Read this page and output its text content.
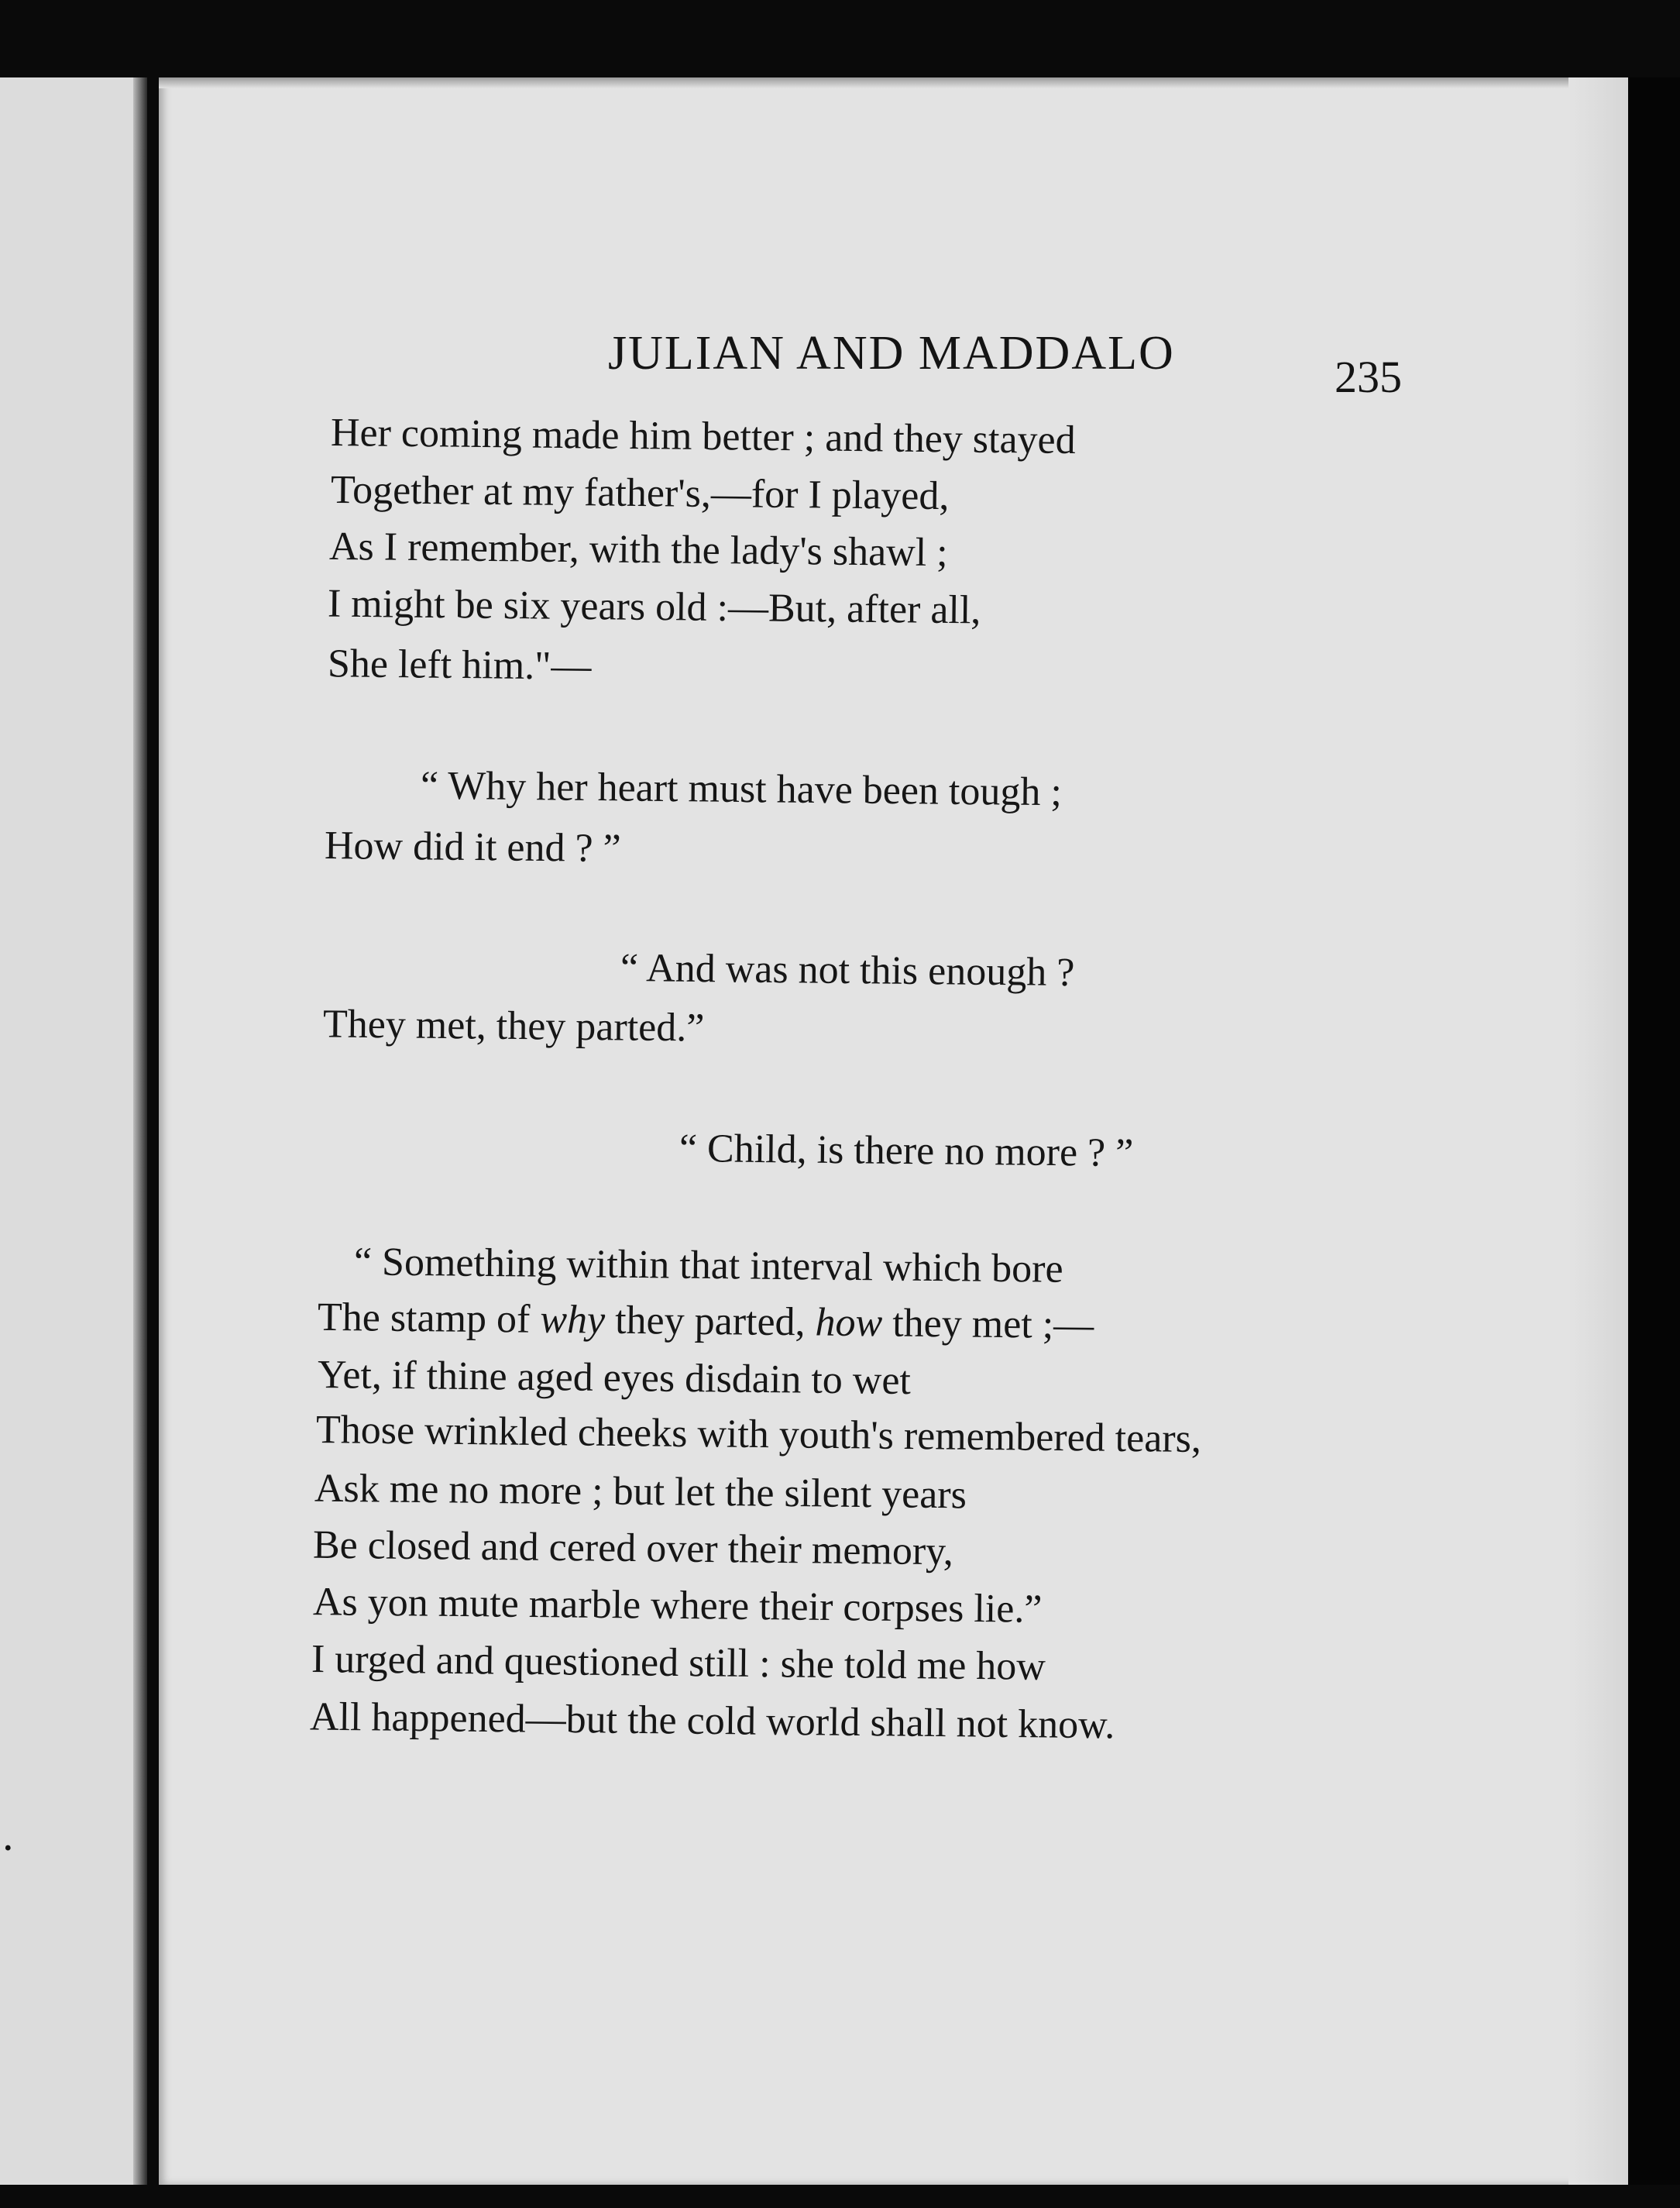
.
JULIAN AND MADDALO	235
Her coming made him better ; and they stayed
Together at my father's,—for I played,
As I remember, with the lady's shawl ;
I might be six years old :—But, after all,
She left him."—
“ Why her heart must have been tough ;
How did it end ? ”
“ And was not this enough ?
They met, they parted.”
“ Child, is there no more ? ”
“ Something within that interval which bore
The stamp of why they parted, how they met ;—
Yet, if thine aged eyes disdain to wet
Those wrinkled cheeks with youth's remembered tears,
Ask me no more ; but let the silent years
Be closed and cered over their memory,
As yon mute marble where their corpses lie.”
I urged and questioned still : she told me how
All happened—but the cold world shall not know.
